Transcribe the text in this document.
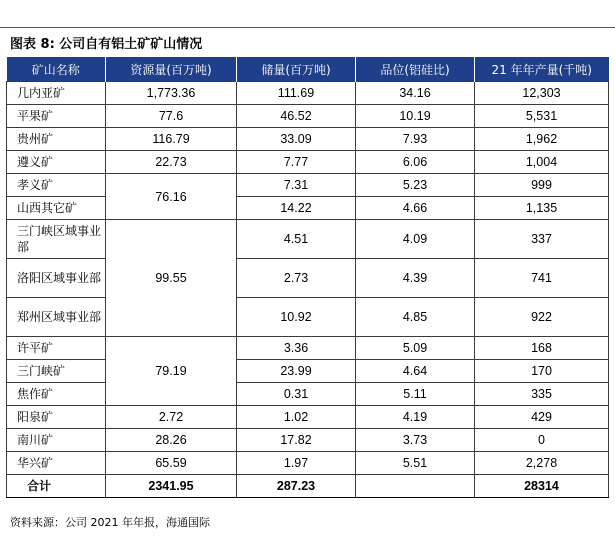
图表 8: 公司自有铝土矿矿山情况
矿山名称	资源量(百万吨)	储量(百万吨)	品位(铝硅比)	21 年年产量(千吨)
几内亚矿	1,773.36	111.69	34.16	12,303
平果矿	77.6	46.52	10.19	5,531
贵州矿	116.79	33.09	7.93	1,962
遵义矿	22.73	7.77	6.06	1,004
孝义矿	76.16	7.31	5.23	999
山西其它矿		14.22	4.66	1,135
三门峡区域事业部	99.55	4.51	4.09	337
洛阳区域事业部		2.73	4.39	741
郑州区域事业部		10.92	4.85	922
许平矿	79.19	3.36	5.09	168
三门峡矿		23.99	4.64	170
焦作矿		0.31	5.11	335
阳泉矿	2.72	1.02	4.19	429
南川矿	28.26	17.82	3.73	0
华兴矿	65.59	1.97	5.51	2,278
合计	2341.95	287.23		28314
资料来源：公司 2021 年年报，海通国际
